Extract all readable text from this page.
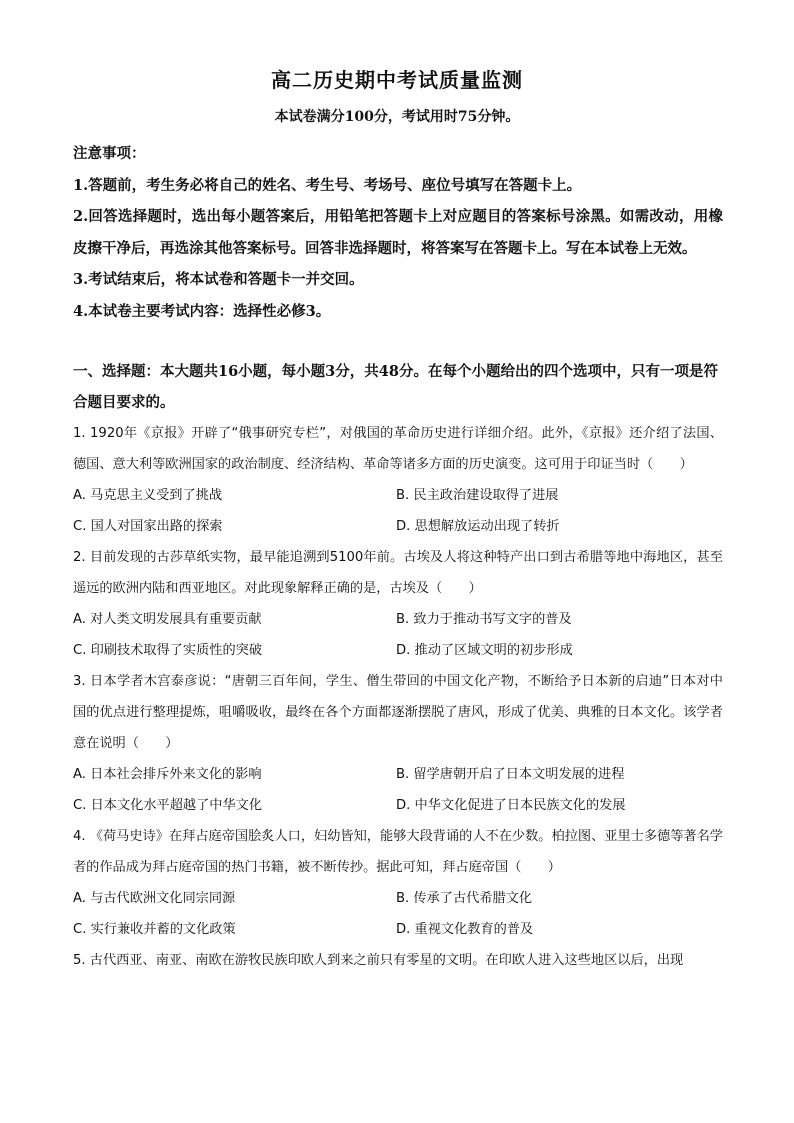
高二历史期中考试质量监测
本试卷满分100分，考试用时75分钟。
注意事项：
1.答题前，考生务必将自己的姓名、考生号、考场号、座位号填写在答题卡上。
2.回答选择题时，选出每小题答案后，用铅笔把答题卡上对应题目的答案标号涂黑。如需改动，用橡皮擦干净后，再选涂其他答案标号。回答非选择题时，将答案写在答题卡上。写在本试卷上无效。
3.考试结束后，将本试卷和答题卡一并交回。
4.本试卷主要考试内容：选择性必修3。
一、选择题：本大题共16小题，每小题3分，共48分。在每个小题给出的四个选项中，只有一项是符合题目要求的。
1. 1920年《京报》开辟了“俄事研究专栏”，对俄国的革命历史进行详细介绍。此外，《京报》还介绍了法国、德国、意大利等欧洲国家的政治制度、经济结构、革命等诸多方面的历史演变。这可用于印证当时（　　）
A. 马克思主义受到了挑战	B. 民主政治建设取得了进展
C. 国人对国家出路的探索	D. 思想解放运动出现了转折
2. 目前发现的古莎草纸实物，最早能追溯到5100年前。古埃及人将这种特产出口到古希腊等地中海地区，甚至遥远的欧洲内陆和西亚地区。对此现象解释正确的是，古埃及（　　）
A. 对人类文明发展具有重要贡献	B. 致力于推动书写文字的普及
C. 印刷技术取得了实质性的突破	D. 推动了区域文明的初步形成
3. 日本学者木宫泰彦说：“唐朝三百年间，学生、僧生带回的中国文化产物，不断给予日本新的启迪”日本对中国的优点进行整理提炼，咀嚼吸收，最终在各个方面都逐渐摆脱了唐风，形成了优美、典雅的日本文化。该学者意在说明（　　）
A. 日本社会排斥外来文化的影响	B. 留学唐朝开启了日本文明发展的进程
C. 日本文化水平超越了中华文化	D. 中华文化促进了日本民族文化的发展
4. 《荷马史诗》在拜占庭帝国脍炙人口，妇幼皆知，能够大段背诵的人不在少数。柏拉图、亚里士多德等著名学者的作品成为拜占庭帝国的热门书籍，被不断传抄。据此可知，拜占庭帝国（　　）
A. 与古代欧洲文化同宗同源	B. 传承了古代希腊文化
C. 实行兼收并蓄的文化政策	D. 重视文化教育的普及
5. 古代西亚、南亚、南欧在游牧民族印欧人到来之前只有零星的文明。在印欧人进入这些地区以后，出现
